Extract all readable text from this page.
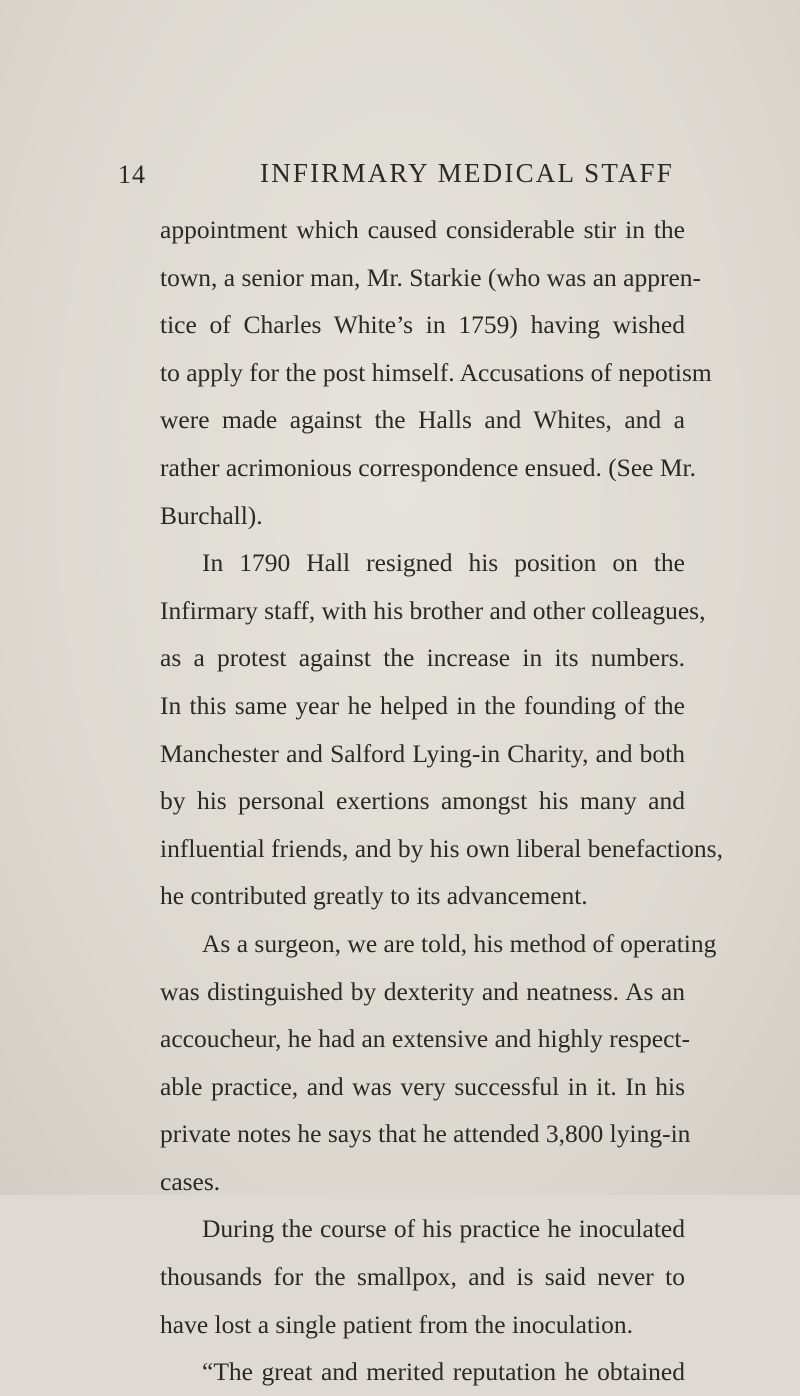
14	INFIRMARY MEDICAL STAFF
appointment which caused considerable stir in the
town, a senior man, Mr. Starkie (who was an appren-
tice of Charles White’s in 1759) having wished
to apply for the post himself. Accusations of nepotism
were made against the Halls and Whites, and a
rather acrimonious correspondence ensued. (See Mr.
Burchall).
In 1790 Hall resigned his position on the
Infirmary staff, with his brother and other colleagues,
as a protest against the increase in its numbers.
In this same year he helped in the founding of the
Manchester and Salford Lying-in Charity, and both
by his personal exertions amongst his many and
influential friends, and by his own liberal benefactions,
he contributed greatly to its advancement.
As a surgeon, we are told, his method of operating
was distinguished by dexterity and neatness. As an
accoucheur, he had an extensive and highly respect-
able practice, and was very successful in it. In his
private notes he says that he attended 3,800 lying-in
cases.
During the course of his practice he inoculated
thousands for the smallpox, and is said never to
have lost a single patient from the inoculation.
“The great and merited reputation he obtained
